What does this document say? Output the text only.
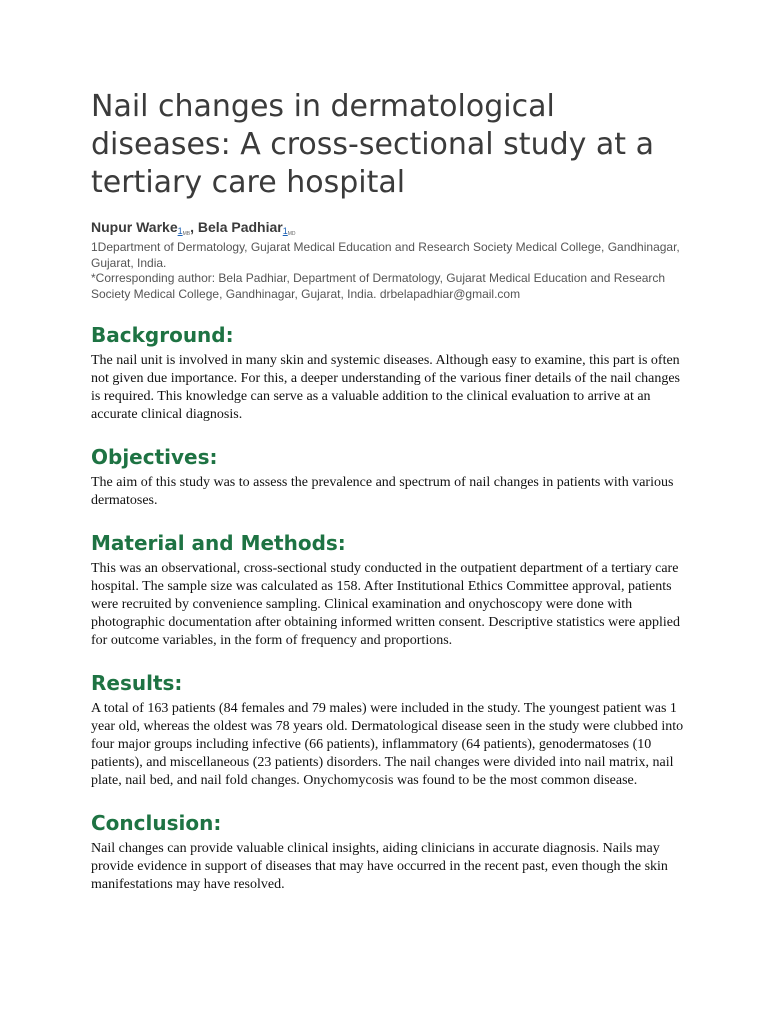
Nail changes in dermatological diseases: A cross-sectional study at a tertiary care hospital
Nupur Warke$_{1MB}$, Bela Padhiar$_{1MD}$
1Department of Dermatology, Gujarat Medical Education and Research Society Medical College, Gandhinagar, Gujarat, India.
*Corresponding author: Bela Padhiar, Department of Dermatology, Gujarat Medical Education and Research Society Medical College, Gandhinagar, Gujarat, India. drbelapadhiar@gmail.com
Background:

The nail unit is involved in many skin and systemic diseases. Although easy to examine, this part is often not given due importance. For this, a deeper understanding of the various finer details of the nail changes is required. This knowledge can serve as a valuable addition to the clinical evaluation to arrive at an accurate clinical diagnosis.

Objectives:

The aim of this study was to assess the prevalence and spectrum of nail changes in patients with various dermatoses.

Material and Methods:

This was an observational, cross-sectional study conducted in the outpatient department of a tertiary care hospital. The sample size was calculated as 158. After Institutional Ethics Committee approval, patients were recruited by convenience sampling. Clinical examination and onychoscopy were done with photographic documentation after obtaining informed written consent. Descriptive statistics were applied for outcome variables, in the form of frequency and proportions.

Results:

A total of 163 patients (84 females and 79 males) were included in the study. The youngest patient was 1 year old, whereas the oldest was 78 years old. Dermatological disease seen in the study were clubbed into four major groups including infective (66 patients), inflammatory (64 patients), genodermatoses (10 patients), and miscellaneous (23 patients) disorders. The nail changes were divided into nail matrix, nail plate, nail bed, and nail fold changes. Onychomycosis was found to be the most common disease.

Conclusion:

Nail changes can provide valuable clinical insights, aiding clinicians in accurate diagnosis. Nails may provide evidence in support of diseases that may have occurred in the recent past, even though the skin manifestations may have resolved.
